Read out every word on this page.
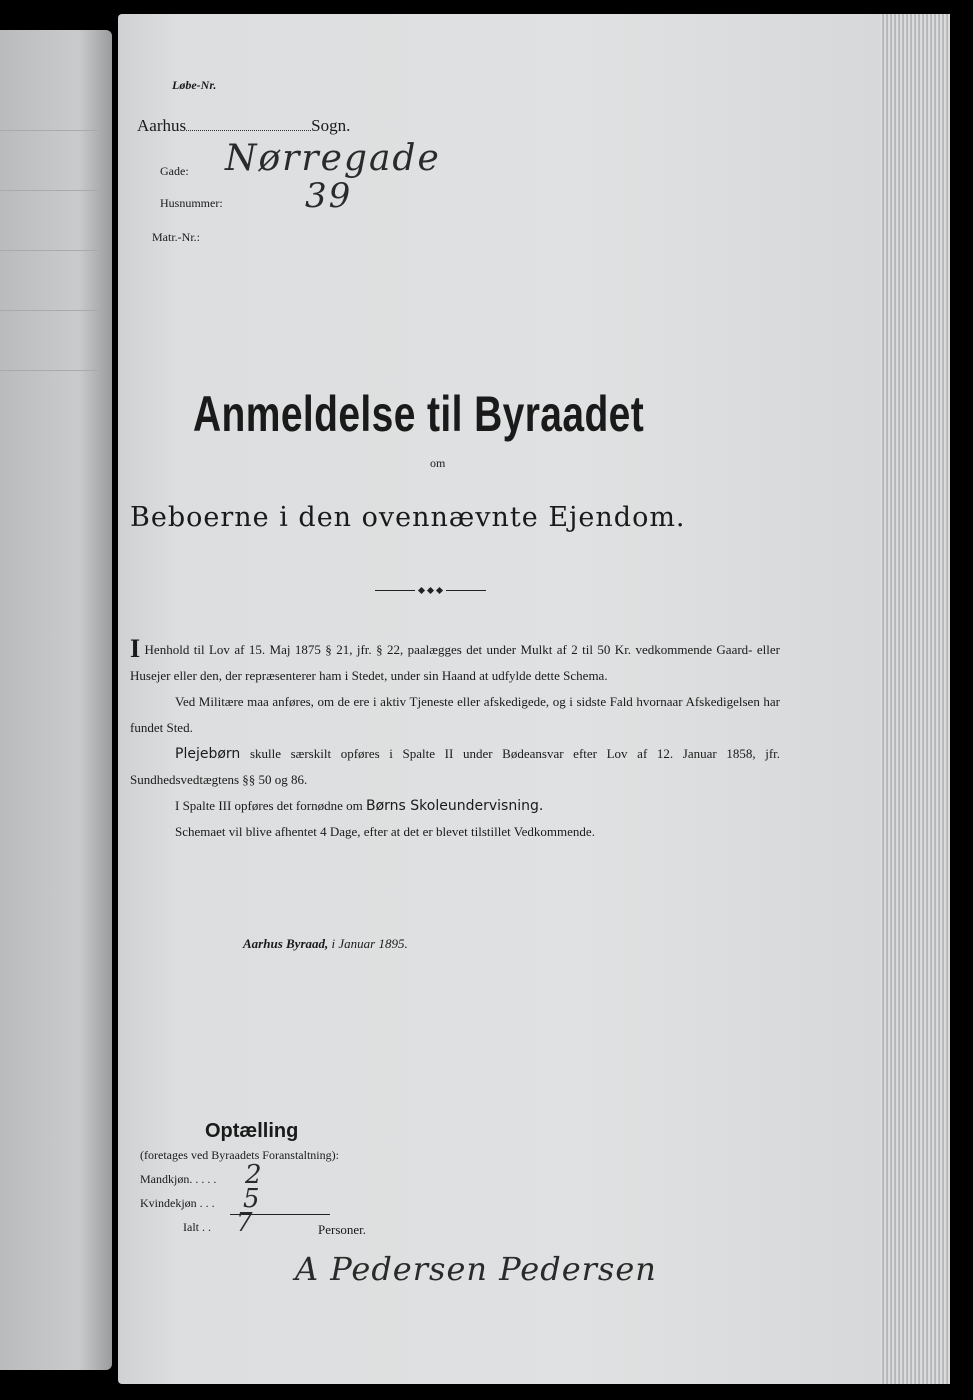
Løbe-Nr.
Aarhus	Sogn.
Gade: Nørregade
Husnummer: 39
Matr.-Nr.:
Anmeldelse til Byraadet
om
Beboerne i den ovennævnte Ejendom.

I Henhold til Lov af 15. Maj 1875 § 21, jfr. § 22, paalægges det under Mulkt af 2 til 50 Kr. vedkommende Gaard- eller Husejer eller den, der repræsenterer ham i Stedet, under sin Haand at udfylde dette Schema.

Ved Militære maa anføres, om de ere i aktiv Tjeneste eller afskedigede, og i sidste Fald hvornaar Afskedigelsen har fundet Sted.

Plejebørn skulle særskilt opføres i Spalte II under Bødeansvar efter Lov af 12. Januar 1858, jfr. Sundhedsvedtægtens §§ 50 og 86.

I Spalte III opføres det fornødne om Børns Skoleundervisning.

Schemaet vil blive afhentet 4 Dage, efter at det er blevet tilstillet Vedkommende.

Aarhus Byraad, i Januar 1895.
Optælling
(foretages ved Byraadets Foranstaltning):
Mandkjøn. . . . . 2
Kvindekjøn . . . 5
Ialt . . 7	Personer.
A Pedersen Pedersen
